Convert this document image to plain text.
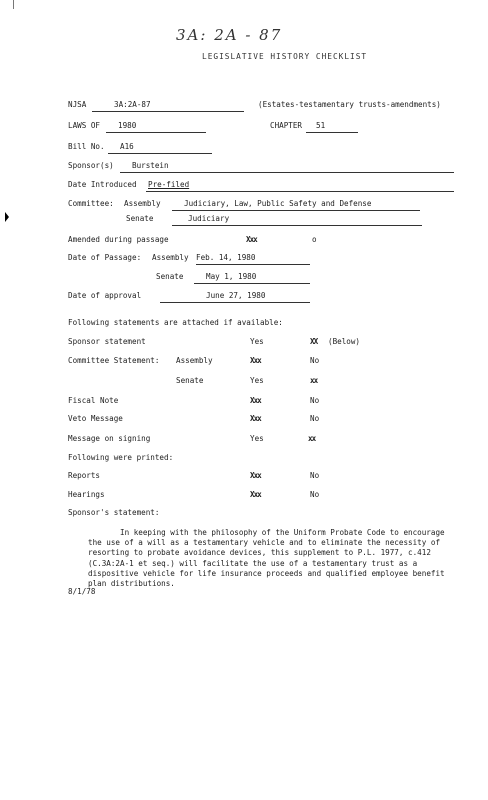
3A: 2A - 87
LEGISLATIVE HISTORY CHECKLIST
NJSA	3A:2A-87	(Estates-testamentary trusts-amendments)
LAWS OF 1980	CHAPTER 51
Bill No. A16
Sponsor(s) Burstein
Date Introduced Pre-filed
Committee: Assembly	Judiciary, Law, Public Safety and Defense
Senate	Judiciary
Amended during passage	Xxx	o
Date of Passage: Assembly Feb. 14, 1980
Senate	May 1, 1980
Date of approval	June 27, 1980
Following statements are attached if available:
Sponsor statement	Yes	XX (Below)
Committee Statement: Assembly	Xxx	No
Senate	Yes	xx
Fiscal Note	Xxx	No
Veto Message	Xxx	No
Message on signing	Yes	xx
Following were printed:
Reports	Xxx	No
Hearings	Xxx	No
Sponsor's statement:
In keeping with the philosophy of the Uniform Probate Code to encourage the use of a will as a testamentary vehicle and to eliminate the necessity of resorting to probate avoidance devices, this supplement to P.L. 1977, c.412 (C.3A:2A-1 et seq.) will facilitate the use of a testamentary trust as a dispositive vehicle for life insurance proceeds and qualified employee benefit plan distributions.
8/1/78
